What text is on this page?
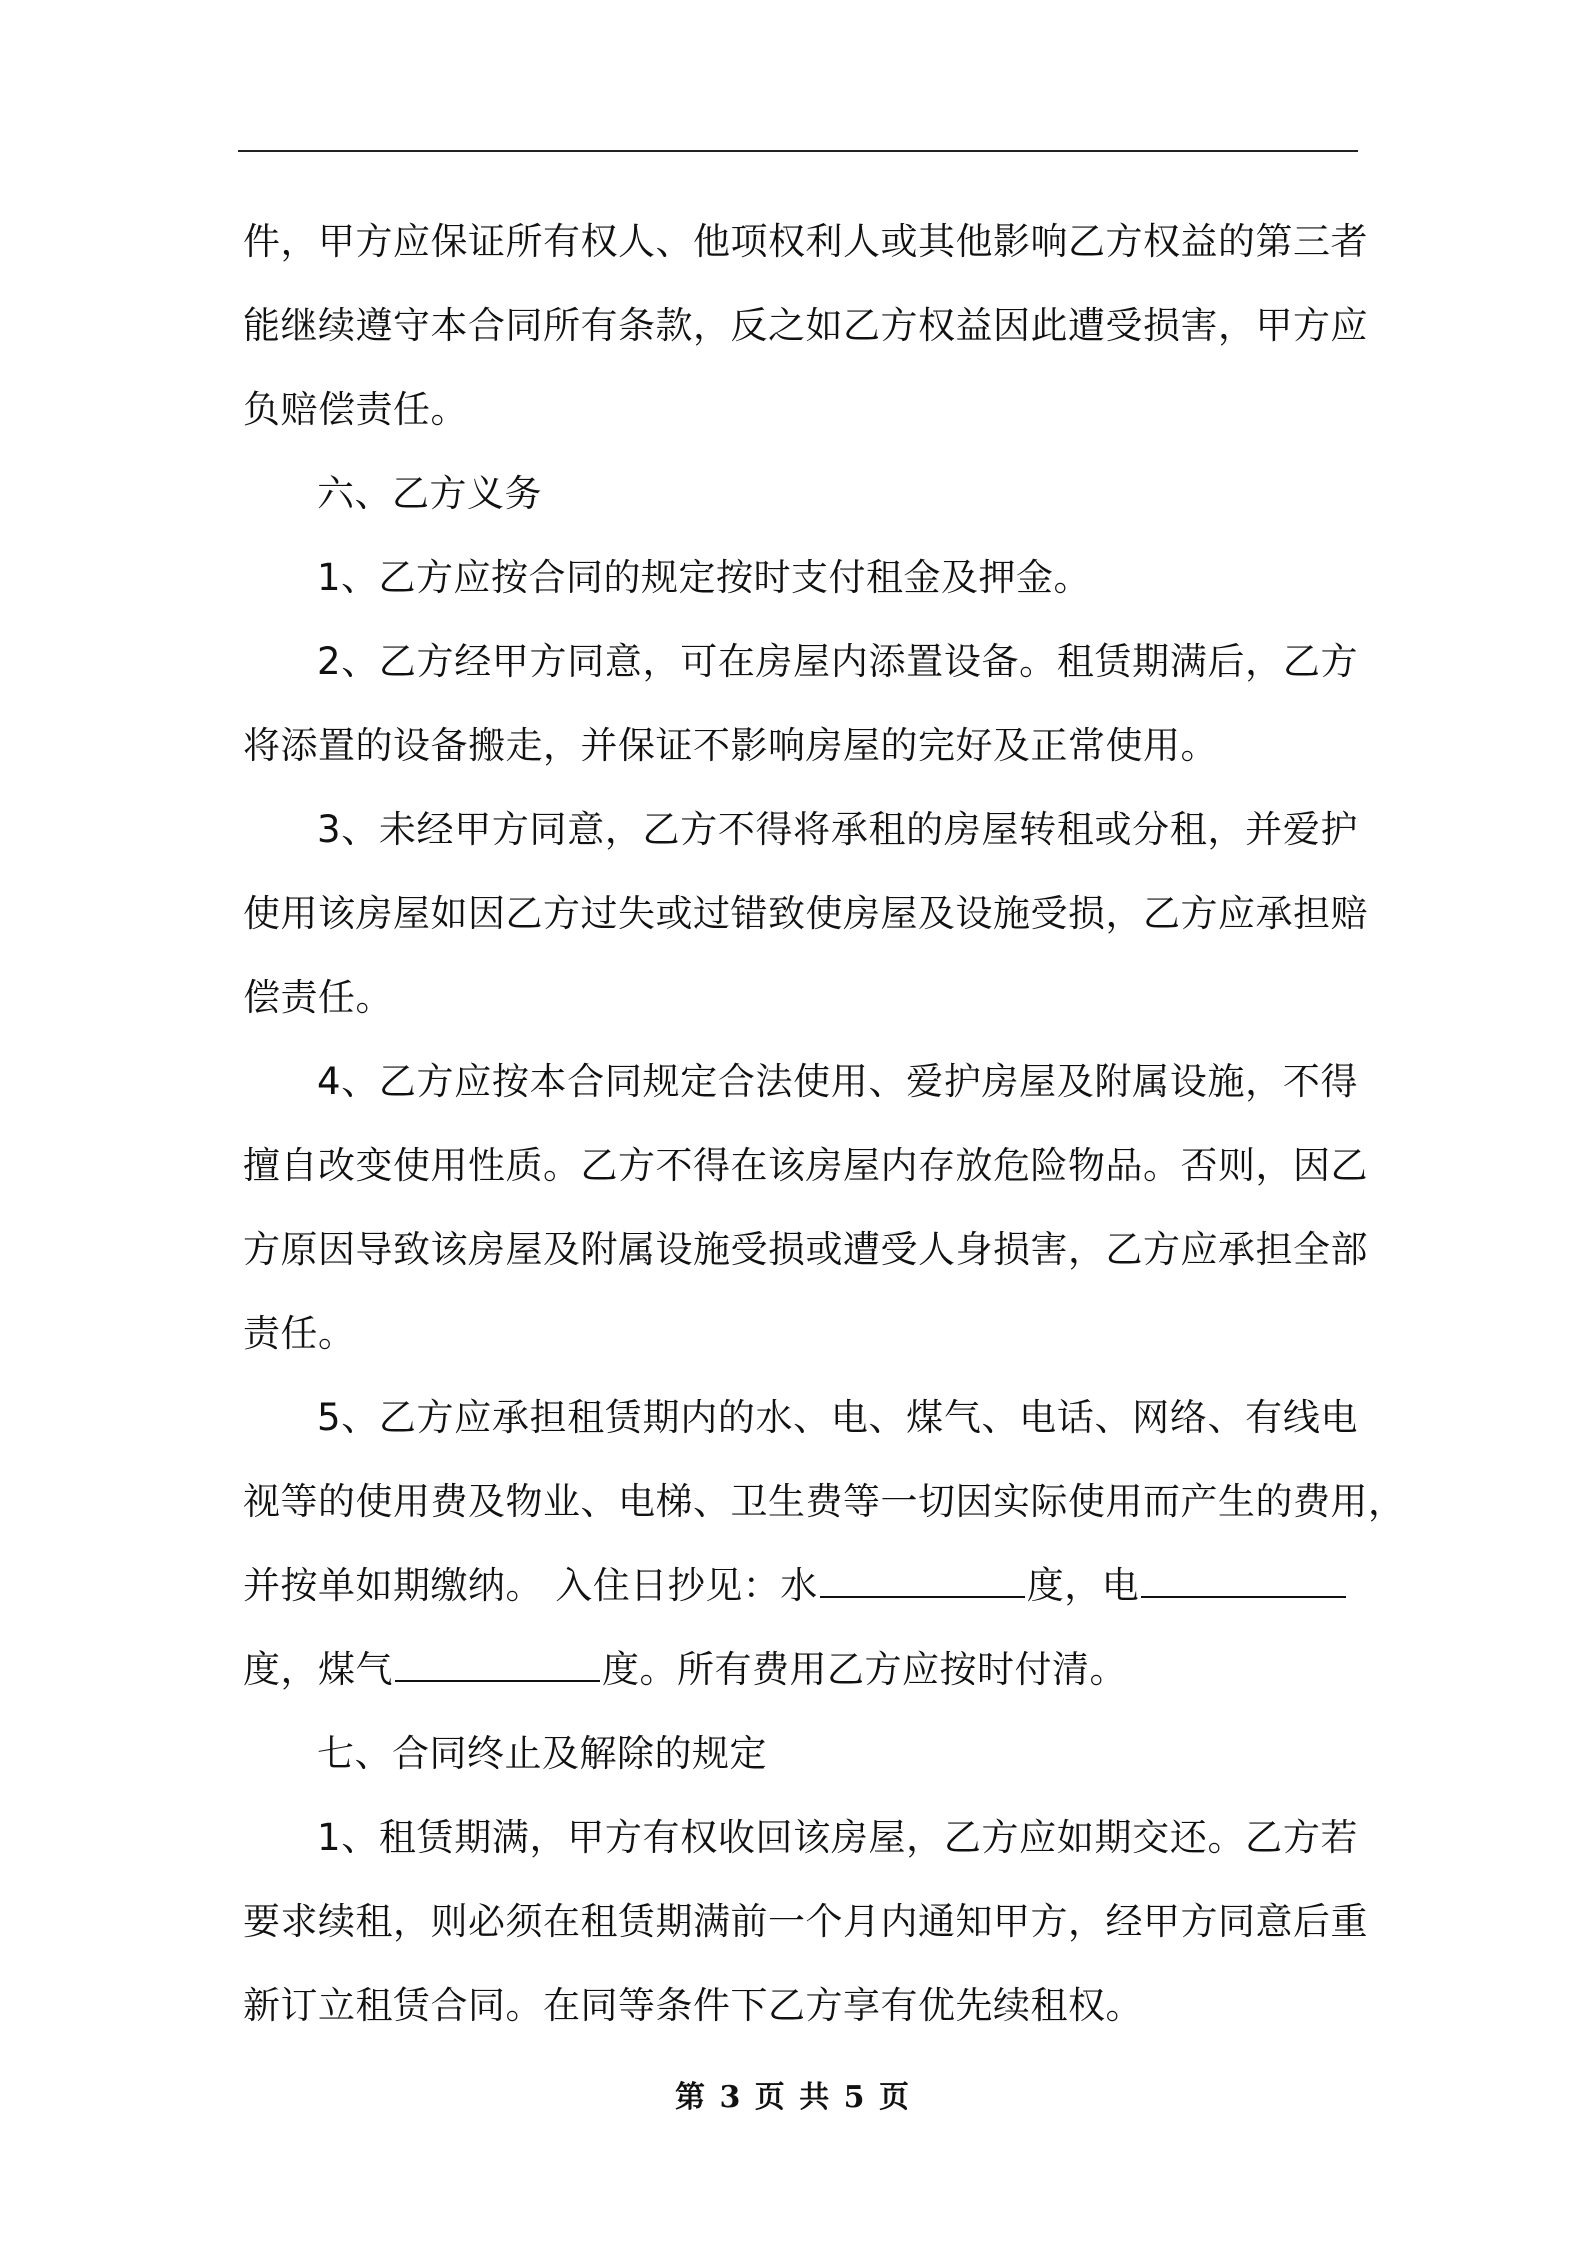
件，甲方应保证所有权人、他项权利人或其他影响乙方权益的第三者
能继续遵守本合同所有条款，反之如乙方权益因此遭受损害，甲方应
负赔偿责任。
六、乙方义务
1、乙方应按合同的规定按时支付租金及押金。
2、乙方经甲方同意，可在房屋内添置设备。租赁期满后，乙方
将添置的设备搬走，并保证不影响房屋的完好及正常使用。
3、未经甲方同意，乙方不得将承租的房屋转租或分租，并爱护
使用该房屋如因乙方过失或过错致使房屋及设施受损，乙方应承担赔
偿责任。
4、乙方应按本合同规定合法使用、爱护房屋及附属设施，不得
擅自改变使用性质。乙方不得在该房屋内存放危险物品。否则，因乙
方原因导致该房屋及附属设施受损或遭受人身损害，乙方应承担全部
责任。
5、乙方应承担租赁期内的水、电、煤气、电话、网络、有线电
视等的使用费及物业、电梯、卫生费等一切因实际使用而产生的费用，
并按单如期缴纳。 入住日抄见：水	度，电
度，煤气	度。所有费用乙方应按时付清。
七、合同终止及解除的规定
1、租赁期满，甲方有权收回该房屋，乙方应如期交还。乙方若
要求续租，则必须在租赁期满前一个月内通知甲方，经甲方同意后重
新订立租赁合同。在同等条件下乙方享有优先续租权。
第 3 页 共 5 页
